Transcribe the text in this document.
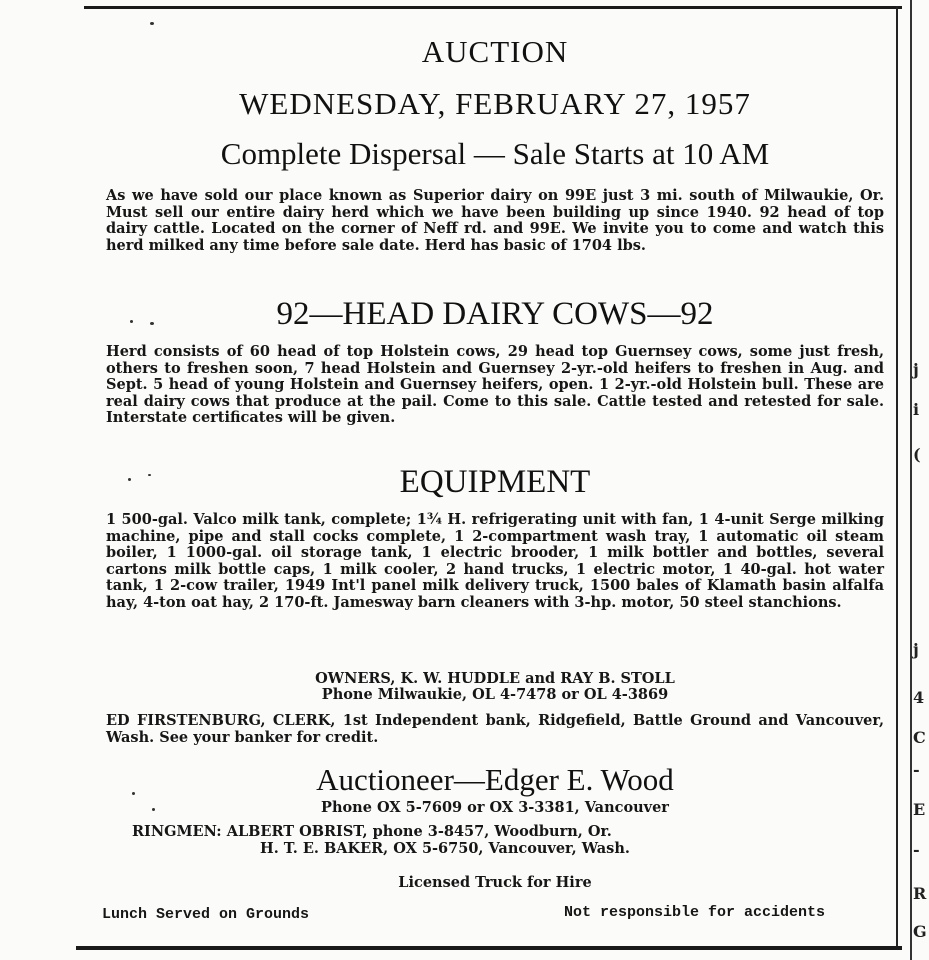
j
i
(
j
4
C
-
E
-
R
G
AUCTION
WEDNESDAY, FEBRUARY 27, 1957
Complete Dispersal — Sale Starts at 10 AM

As we have sold our place known as Superior dairy on 99E just 3 mi. south of Milwaukie, Or. Must sell our entire dairy herd which we have been building up since 1940. 92 head of top dairy cattle. Located on the corner of Neff rd. and 99E. We invite you to come and watch this herd milked any time before sale date. Herd has basic of 1704 lbs.

92—HEAD DAIRY COWS—92

Herd consists of 60 head of top Holstein cows, 29 head top Guernsey cows, some just fresh, others to freshen soon, 7 head Holstein and Guernsey 2-yr.-old heifers to freshen in Aug. and Sept. 5 head of young Holstein and Guernsey heifers, open. 1 2-yr.-old Holstein bull. These are real dairy cows that produce at the pail. Come to this sale. Cattle tested and retested for sale. Interstate certificates will be given.

EQUIPMENT

1 500-gal. Valco milk tank, complete; 1¾ H. refrigerating unit with fan, 1 4-unit Serge milking machine, pipe and stall cocks complete, 1 2-compartment wash tray, 1 automatic oil steam boiler, 1 1000-gal. oil storage tank, 1 electric brooder, 1 milk bottler and bottles, several cartons milk bottle caps, 1 milk cooler, 2 hand trucks, 1 electric motor, 1 40-gal. hot water tank, 1 2-cow trailer, 1949 Int'l panel milk delivery truck, 1500 bales of Klamath basin alfalfa hay, 4-ton oat hay, 2 170-ft. Jamesway barn cleaners with 3-hp. motor, 50 steel stanchions.

OWNERS, K. W. HUDDLE and RAY B. STOLL
Phone Milwaukie, OL 4-7478 or OL 4-3869
ED FIRSTENBURG, CLERK, 1st Independent bank, Ridgefield, Battle Ground and Vancouver, Wash. See your banker for credit.
Auctioneer—Edger E. Wood
Phone OX 5-7609 or OX 3-3381, Vancouver
RINGMEN: ALBERT OBRIST, phone 3-8457, Woodburn, Or.
H. T. E. BAKER, OX 5-6750, Vancouver, Wash.
Licensed Truck for Hire
Lunch Served on Grounds	Not responsible for accidents
